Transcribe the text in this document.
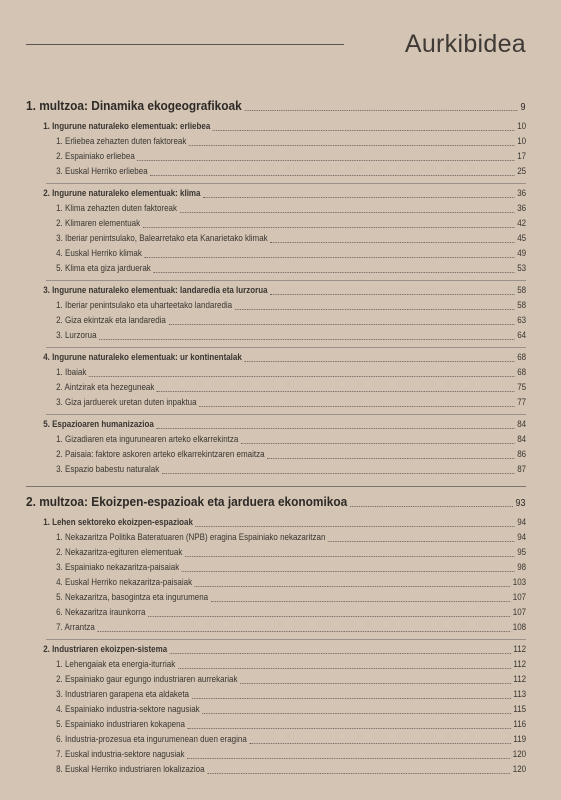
Aurkibidea
1. multzoa: Dinamika ekogeografikoak	9
1. Ingurune naturaleko elementuak: erliebea	10
1. Erliebea zehazten duten faktoreak	10
2. Espainiako erliebea	17
3. Euskal Herriko erliebea	25
2. Ingurune naturaleko elementuak: klima	36
1. Klima zehazten duten faktoreak	36
2. Klimaren elementuak	42
3. Iberiar penintsulako, Balearretako eta Kanarietako klimak	45
4. Euskal Herriko klimak	49
5. Klima eta giza jarduerak	53
3. Ingurune naturaleko elementuak: landaredia eta lurzorua	58
1. Iberiar penintsulako eta uharteetako landaredia	58
2. Giza ekintzak eta landaredia	63
3. Lurzorua	64
4. Ingurune naturaleko elementuak: ur kontinentalak	68
1. Ibaiak	68
2. Aintzirak eta hezeguneak	75
3. Giza jarduerek uretan duten inpaktua	77
5. Espazioaren humanizazioa	84
1. Gizadiaren eta ingurunearen arteko elkarrekintza	84
2. Paisaia: faktore askoren arteko elkarrekintzaren emaitza	86
3. Espazio babestu naturalak	87
2. multzoa: Ekoizpen-espazioak eta jarduera ekonomikoa	93
1. Lehen sektoreko ekoizpen-espazioak	94
1. Nekazaritza Politika Bateratuaren (NPB) eragina Espainiako nekazaritzan	94
2. Nekazaritza-egituren elementuak	95
3. Espainiako nekazaritza-paisaiak	98
4. Euskal Herriko nekazaritza-paisaiak	103
5. Nekazaritza, basogintza eta ingurumena	107
6. Nekazaritza iraunkorra	107
7. Arrantza	108
2. Industriaren ekoizpen-sistema	112
1. Lehengaiak eta energia-iturriak	112
2. Espainiako gaur egungo industriaren aurrekariak	112
3. Industriaren garapena eta aldaketa	113
4. Espainiako industria-sektore nagusiak	115
5. Espainiako industriaren kokapena	116
6. Industria-prozesua eta ingurumenean duen eragina	119
7. Euskal industria-sektore nagusiak	120
8. Euskal Herriko industriaren lokalizazioa	120
